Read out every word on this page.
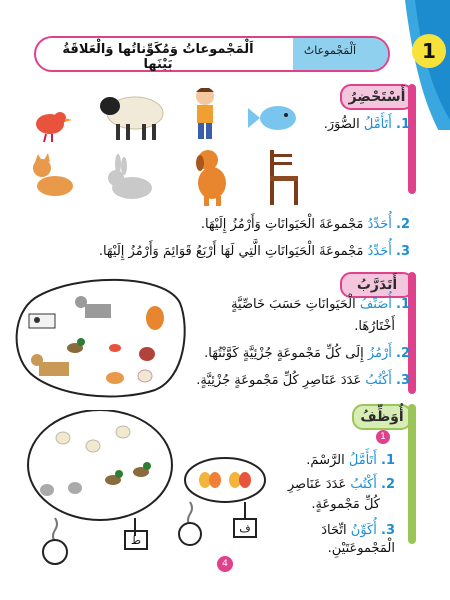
اَلْمَجْموعاتُ وَمُكَوِّناتُها وَالْعَلاقَةُ بَيْنَها
اَلْمَجْموعاتُ	1
أَسْتَحْضِرُ
1. أَتَأَمَّلُ الصُّوَرَ.
2. أُحَدِّدُ مَجْموعَةَ الْحَيَوانَاتِ وَأَرْمُزُ إِلَيْهَا.
3. أُحَدِّدُ مَجْموعَةَ الْحَيَوانَاتِ الَّتِي لَهَا أَرْبَعُ قَوَائِمَ وَأَرْمُزُ إِلَيْهَا.
أَتَدَرَّبُ
1. أُصَنِّفُ الْحَيَوانَاتِ حَسَبَ خَاصِّيَّةٍ
أَخْتَارُهَا.
2. أَرْمُزُ إِلَى كُلِّ مَجْموعَةٍ جُزْئِيَّةٍ كَوَّنْتُهَا.
3. أَكْتُبُ عَدَدَ عَنَاصِرِ كُلِّ مَجْموعَةٍ جُزْئِيَّةٍ.
أُوَظِّفُ
1
ط
ف
1. أَتَأَمَّلُ الرَّسْمَ.
2. أَكْتُبُ عَدَدَ عَنَاصِرِ
كُلِّ مَجْموعَةٍ.
3. أُكَوِّنُ اتِّحَادَ الْمَجْموعَتَيْنِ.
4
